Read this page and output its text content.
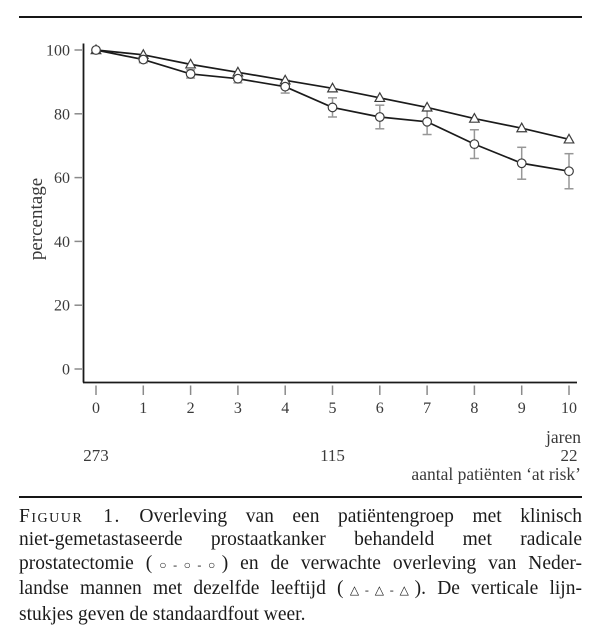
0
20
40
60
80
100
0 1 2 3 4 5 6 7 8 9 10
jaren
percentage
273	115	22
aantal patiënten ‘at risk’
Figuur 1. Overleving van een patiëntengroep met klinisch
niet-gemetastaseerde prostaatkanker behandeld met radicale
prostatectomie (○-○-○) en de verwachte overleving van Neder-
landse mannen met dezelfde leeftijd (△-△-△). De verticale lijn-
stukjes geven de standaardfout weer.
